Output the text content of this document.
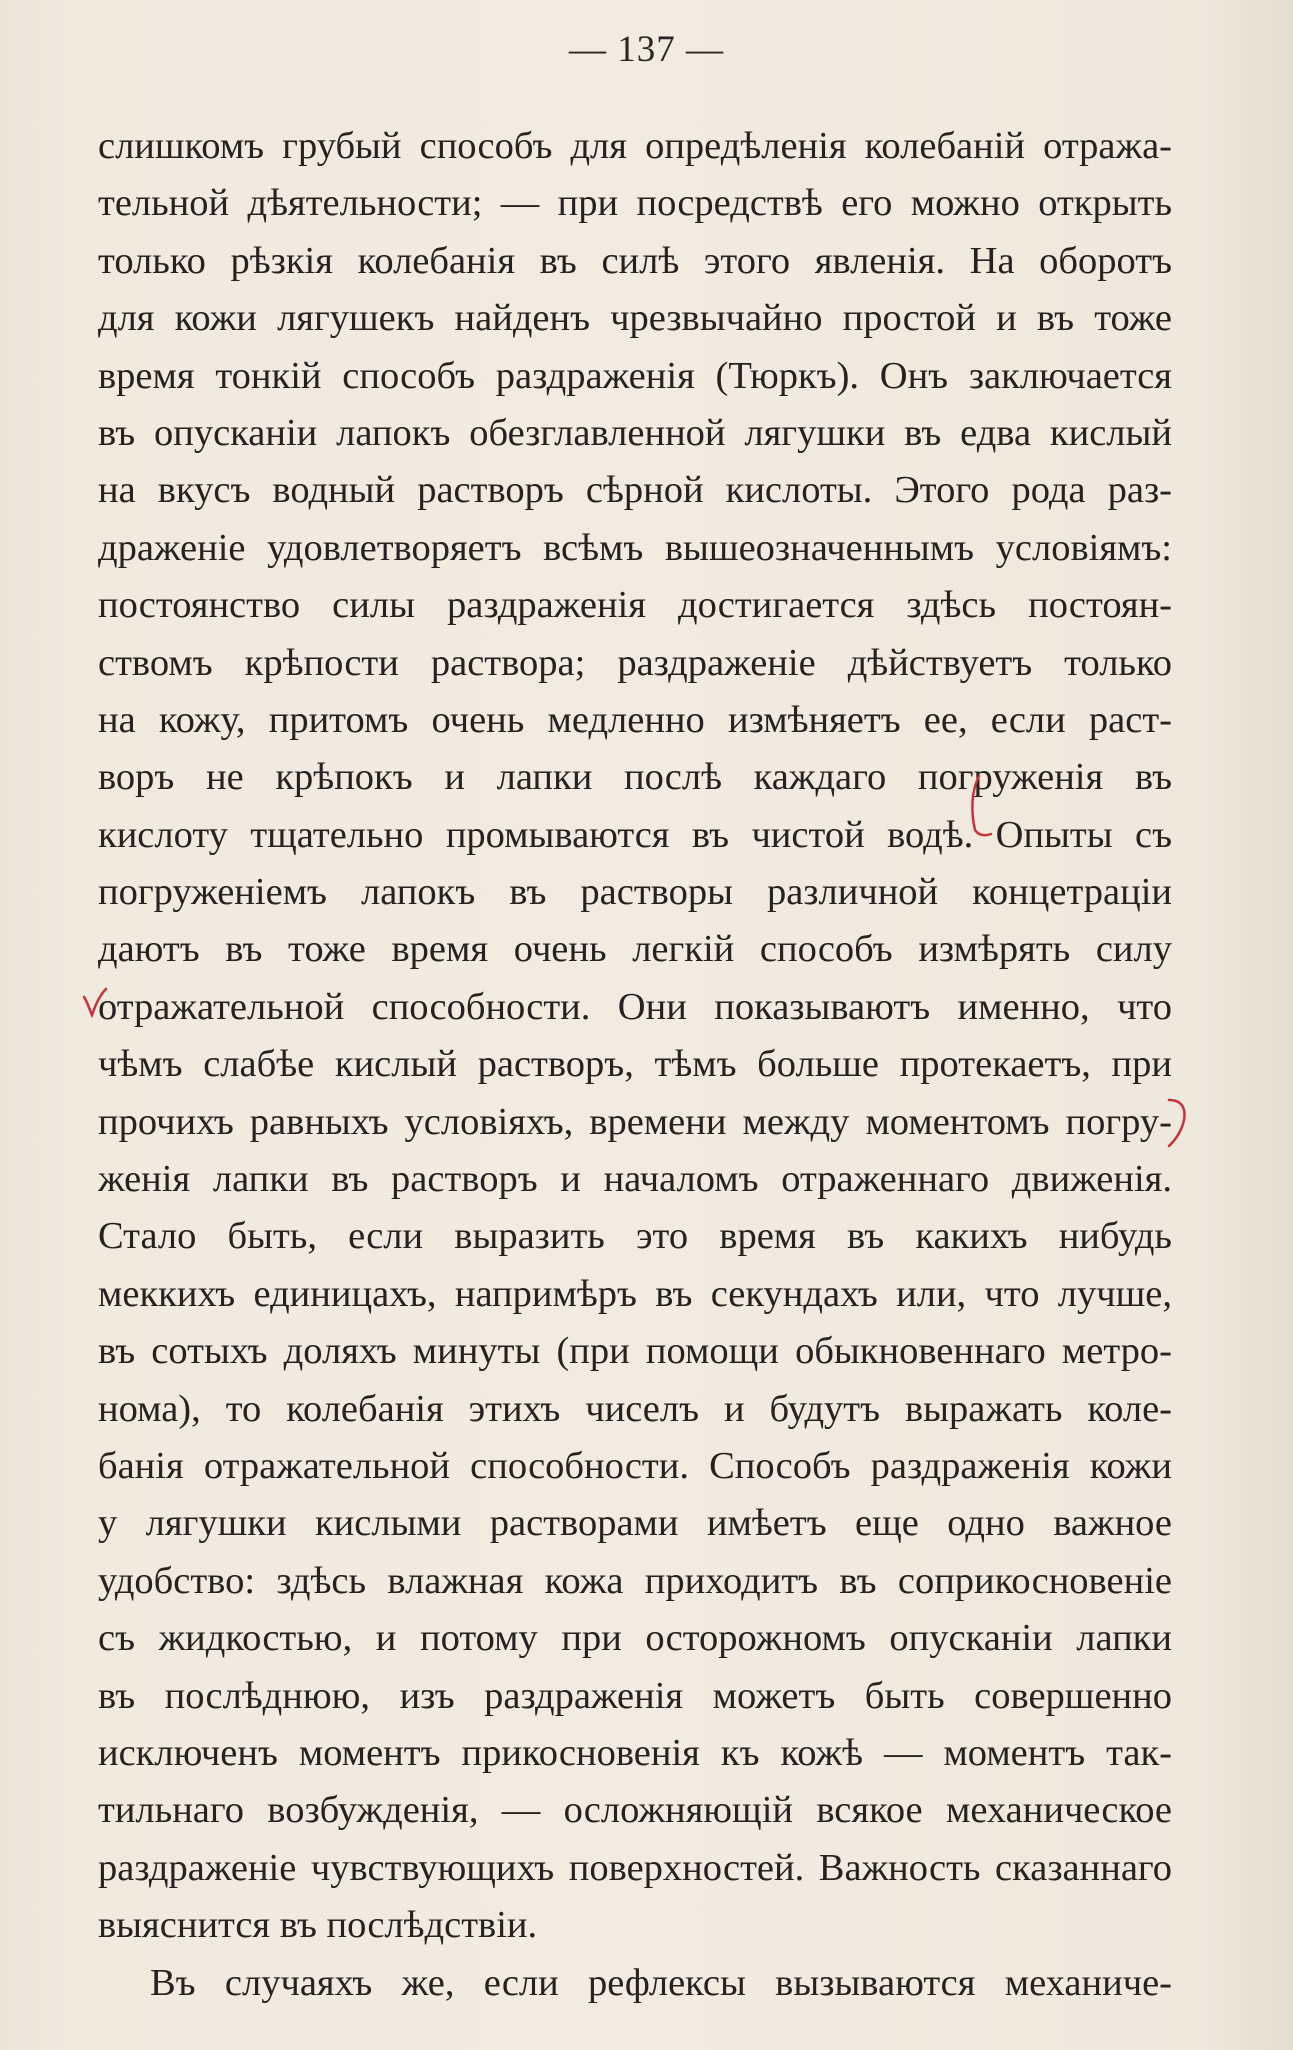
— 137 —
слишкомъ грубый способъ для опредѣленія колебаній отража-
тельной дѣятельности; — при посредствѣ его можно открыть
только рѣзкія колебанія въ силѣ этого явленія. На оборотъ
для кожи лягушекъ найденъ чрезвычайно простой и въ тоже
время тонкій способъ раздраженія (Тюркъ). Онъ заключается
въ опусканіи лапокъ обезглавленной лягушки въ едва кислый
на вкусъ водный растворъ сѣрной кислоты. Этого рода раз-
драженіе удовлетворяетъ всѣмъ вышеозначеннымъ условіямъ:
постоянство силы раздраженія достигается здѣсь постоян-
ствомъ крѣпости раствора; раздраженіе дѣйствуетъ только
на кожу, притомъ очень медленно измѣняетъ ее, если раст-
воръ не крѣпокъ и лапки послѣ каждаго погруженія въ
кислоту тщательно промываются въ чистой водѣ. Опыты съ
погруженіемъ лапокъ въ растворы различной концетраціи
даютъ въ тоже время очень легкій способъ измѣрять силу
отражательной способности. Они показываютъ именно, что
чѣмъ слабѣе кислый растворъ, тѣмъ больше протекаетъ, при
прочихъ равныхъ условіяхъ, времени между моментомъ погру-
женія лапки въ растворъ и началомъ отраженнаго движенія.
Стало быть, если выразить это время въ какихъ нибудь
меккихъ единицахъ, напримѣръ въ секундахъ или, что лучше,
въ сотыхъ доляхъ минуты (при помощи обыкновеннаго метро-
нома), то колебанія этихъ чиселъ и будутъ выражать коле-
банія отражательной способности. Способъ раздраженія кожи
у лягушки кислыми растворами имѣетъ еще одно важное
удобство: здѣсь влажная кожа приходитъ въ соприкосновеніе
съ жидкостью, и потому при осторожномъ опусканіи лапки
въ послѣднюю, изъ раздраженія можетъ быть совершенно
исключенъ моментъ прикосновенія къ кожѣ — моментъ так-
тильнаго возбужденія, — осложняющій всякое механическое
раздраженіе чувствующихъ поверхностей. Важность сказаннаго
выяснится въ послѣдствіи.
Въ случаяхъ же, если рефлексы вызываются механиче-
